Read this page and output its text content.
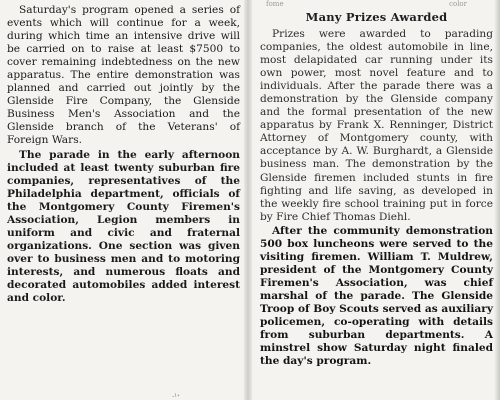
Saturday's program opened a series of events which will continue for a week, during which time an intensive drive will be carried on to raise at least $7500 to cover remaining indebtedness on the new apparatus. The entire demonstration was planned and carried out jointly by the Glenside Fire Company, the Glenside Business Men's Association and the Glenside branch of the Veterans' of Foreign Wars.

The parade in the early afternoon included at least twenty suburban fire companies, representatives of the Philadelphia department, officials of the Montgomery County Firemen's Association, Legion members in uniform and civic and fraternal organizations. One section was given over to business men and to motoring interests, and numerous floats and decorated automobiles added interest and color.

·¹ᐩ
fome	color
Many Prizes Awarded

Prizes were awarded to parading companies, the oldest automobile in line, most delapidated car running under its own power, most novel feature and to individuals. After the parade there was a demonstration by the Glenside company and the formal presentation of the new apparatus by Frank X. Renninger, District Attorney of Montgomery county, with acceptance by A. W. Burghardt, a Glenside business man. The demonstration by the Glenside firemen included stunts in fire fighting and life saving, as developed in the weekly fire school training put in force by Fire Chief Thomas Diehl.

After the community demonstration 500 box luncheons were served to the visiting firemen. William T. Muldrew, president of the Montgomery County Firemen's Association, was chief marshal of the parade. The Glenside Troop of Boy Scouts served as auxiliary policemen, co-operating with details from suburban departments. A minstrel show Saturday night finaled the day's program.
